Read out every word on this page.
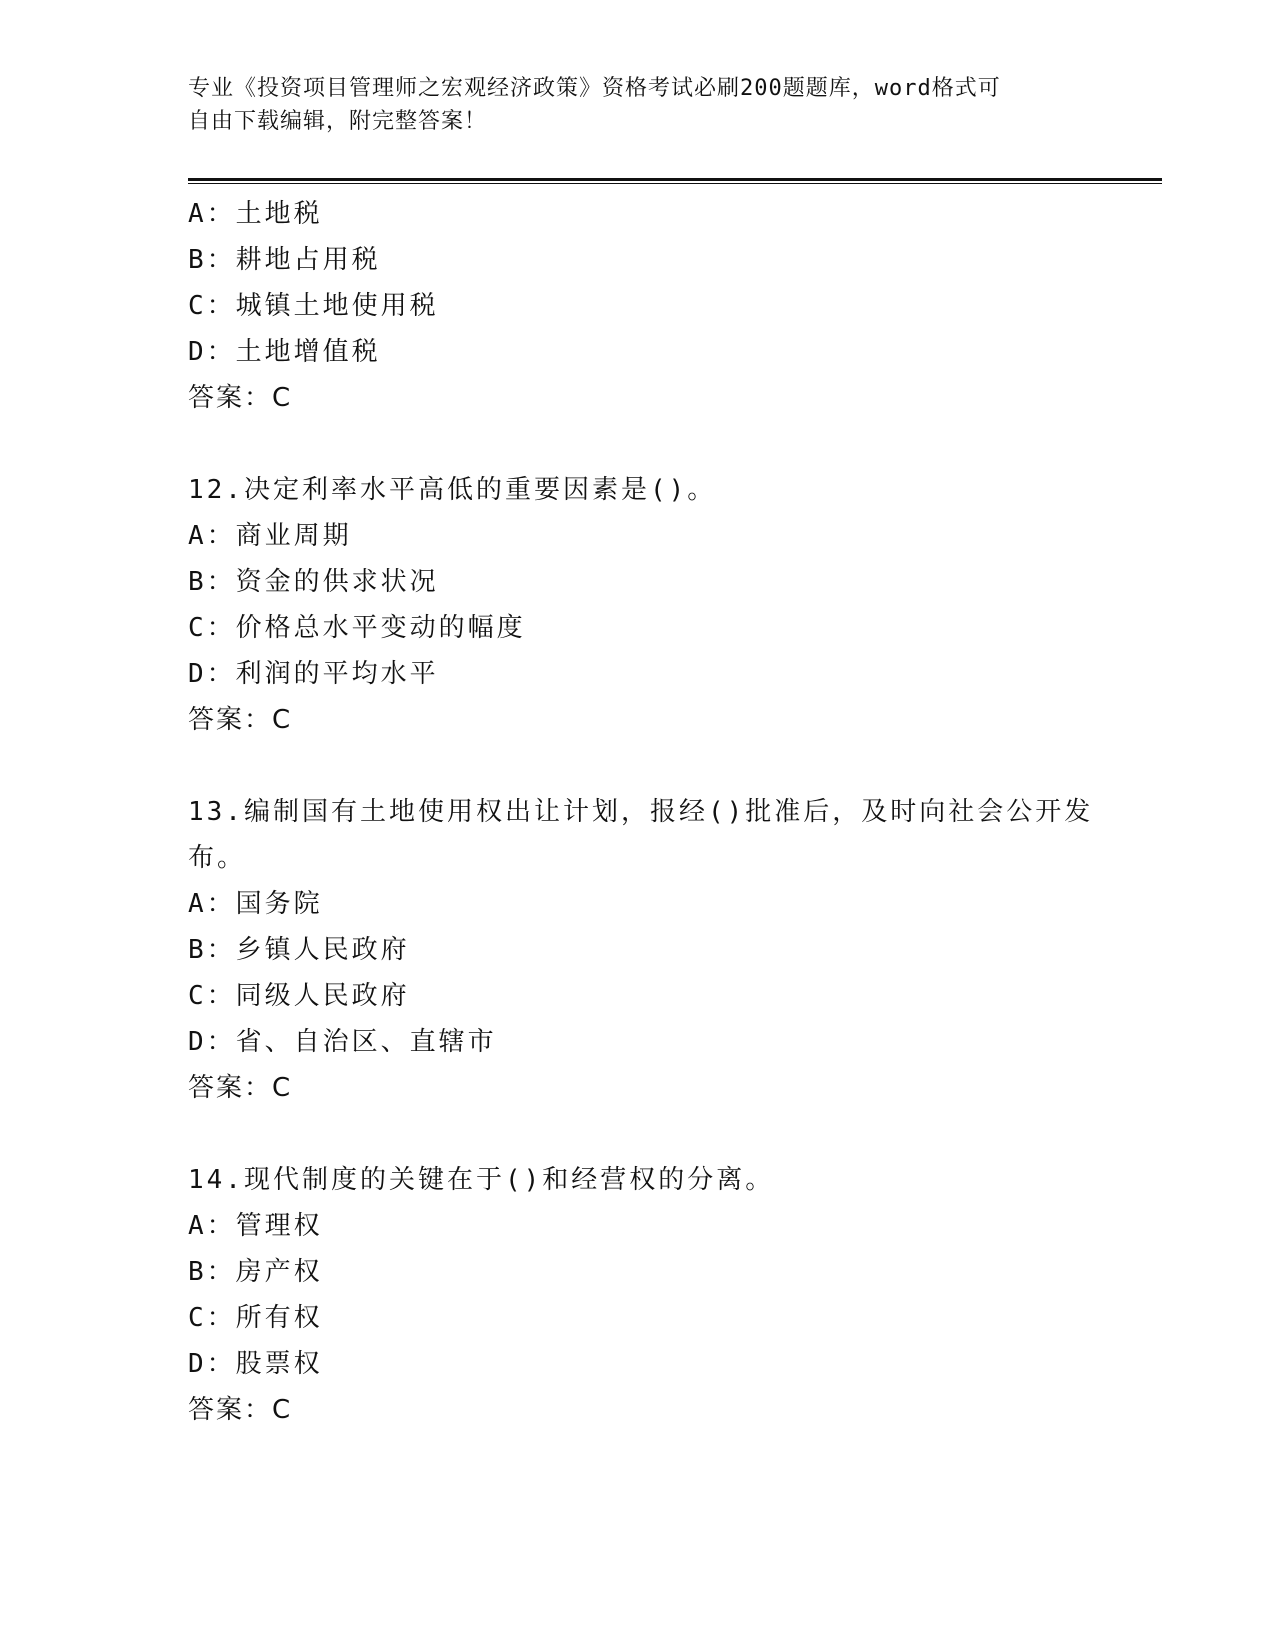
专业《投资项目管理师之宏观经济政策》资格考试必刷200题题库，word格式可
自由下载编辑，附完整答案！
A：土地税
B：耕地占用税
C：城镇土地使用税
D：土地增值税
答案：C
12.决定利率水平高低的重要因素是()。
A：商业周期
B：资金的供求状况
C：价格总水平变动的幅度
D：利润的平均水平
答案：C
13.编制国有土地使用权出让计划，报经()批准后，及时向社会公开发
布。
A：国务院
B：乡镇人民政府
C：同级人民政府
D：省、自治区、直辖市
答案：C
14.现代制度的关键在于()和经营权的分离。
A：管理权
B：房产权
C：所有权
D：股票权
答案：C
